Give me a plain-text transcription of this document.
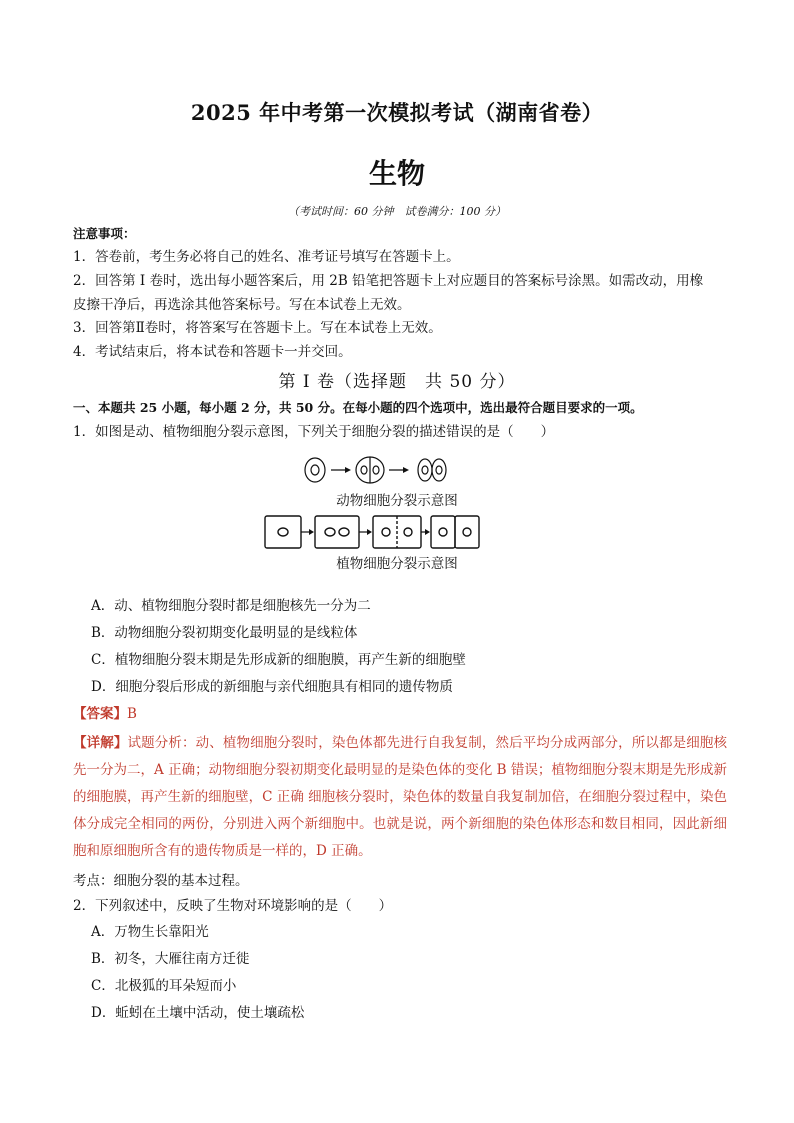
2025 年中考第一次模拟考试（湖南省卷）
生物
（考试时间：60 分钟　试卷满分：100 分）
注意事项：
1．答卷前，考生务必将自己的姓名、准考证号填写在答题卡上。
2．回答第 I 卷时，选出每小题答案后，用 2B 铅笔把答题卡上对应题目的答案标号涂黑。如需改动，用橡
皮擦干净后，再选涂其他答案标号。写在本试卷上无效。
3．回答第Ⅱ卷时，将答案写在答题卡上。写在本试卷上无效。
4．考试结束后，将本试卷和答题卡一并交回。
第 I 卷（选择题　共 50 分）
一、本题共 25 小题，每小题 2 分，共 50 分。在每小题的四个选项中，选出最符合题目要求的一项。
1．如图是动、植物细胞分裂示意图，下列关于细胞分裂的描述错误的是（　　）
动物细胞分裂示意图
植物细胞分裂示意图
A．动、植物细胞分裂时都是细胞核先一分为二
B．动物细胞分裂初期变化最明显的是线粒体
C．植物细胞分裂末期是先形成新的细胞膜，再产生新的细胞壁
D．细胞分裂后形成的新细胞与亲代细胞具有相同的遗传物质
【答案】B
【详解】试题分析：动、植物细胞分裂时，染色体都先进行自我复制，然后平均分成两部分，所以都是细胞核先一分为二，A 正确；动物细胞分裂初期变化最明显的是染色体的变化 B 错误；植物细胞分裂末期是先形成新的细胞膜，再产生新的细胞壁，C 正确 细胞核分裂时，染色体的数量自我复制加倍，在细胞分裂过程中，染色体分成完全相同的两份，分别进入两个新细胞中。也就是说，两个新细胞的染色体形态和数目相同，因此新细胞和原细胞所含有的遗传物质是一样的，D 正确。
考点：细胞分裂的基本过程。
2．下列叙述中，反映了生物对环境影响的是（　　）
A．万物生长靠阳光
B．初冬，大雁往南方迁徙
C．北极狐的耳朵短而小
D．蚯蚓在土壤中活动，使土壤疏松
